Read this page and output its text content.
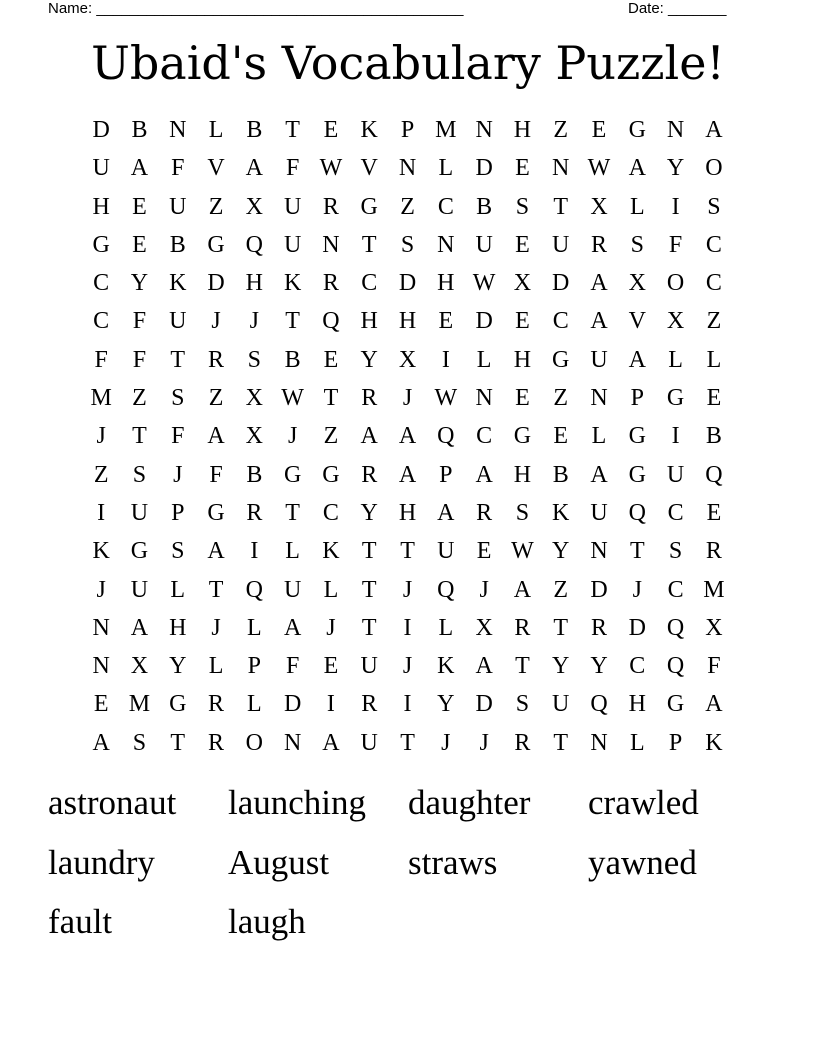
Name: ____________________________________________	Date: _______
Ubaid's Vocabulary Puzzle!
D B N L B T E K P M N H Z E G N A
U A F V A F W V N L D E N W A Y O
H E U Z X U R G Z C B S	T X L	I	S
G E B G Q U N T	S N U E U R S	F C
C Y K D H K R C D H W X D A X O C
C F U	J	J	T Q H H E D E C A V X Z
F	F	T R S B E Y X	I	L H G U A L L
M Z	S	Z X W T R	J W N E Z N P G E
J	T	F A X	J	Z A A Q C G E L G	I	B
Z	S	J	F B G G R A P A H B A G U Q
I	U P G R T C Y H A R S K U Q C E
K G S A	I	L K T T U E W Y N T	S R
J	U L T Q U L T	J	Q	J	A Z D	J	C M
N A H	J	L A	J	T	I	L X R T R D Q X
N X Y L	P	F	E U	J	K A T Y Y C Q F
E M G R L D	I	R	I	Y D S U Q H G A
A S	T R O N A U T	J	J	R T N L	P K
astronaut	launching	daughter	crawled
laundry	August	straws	yawned
fault	laugh
